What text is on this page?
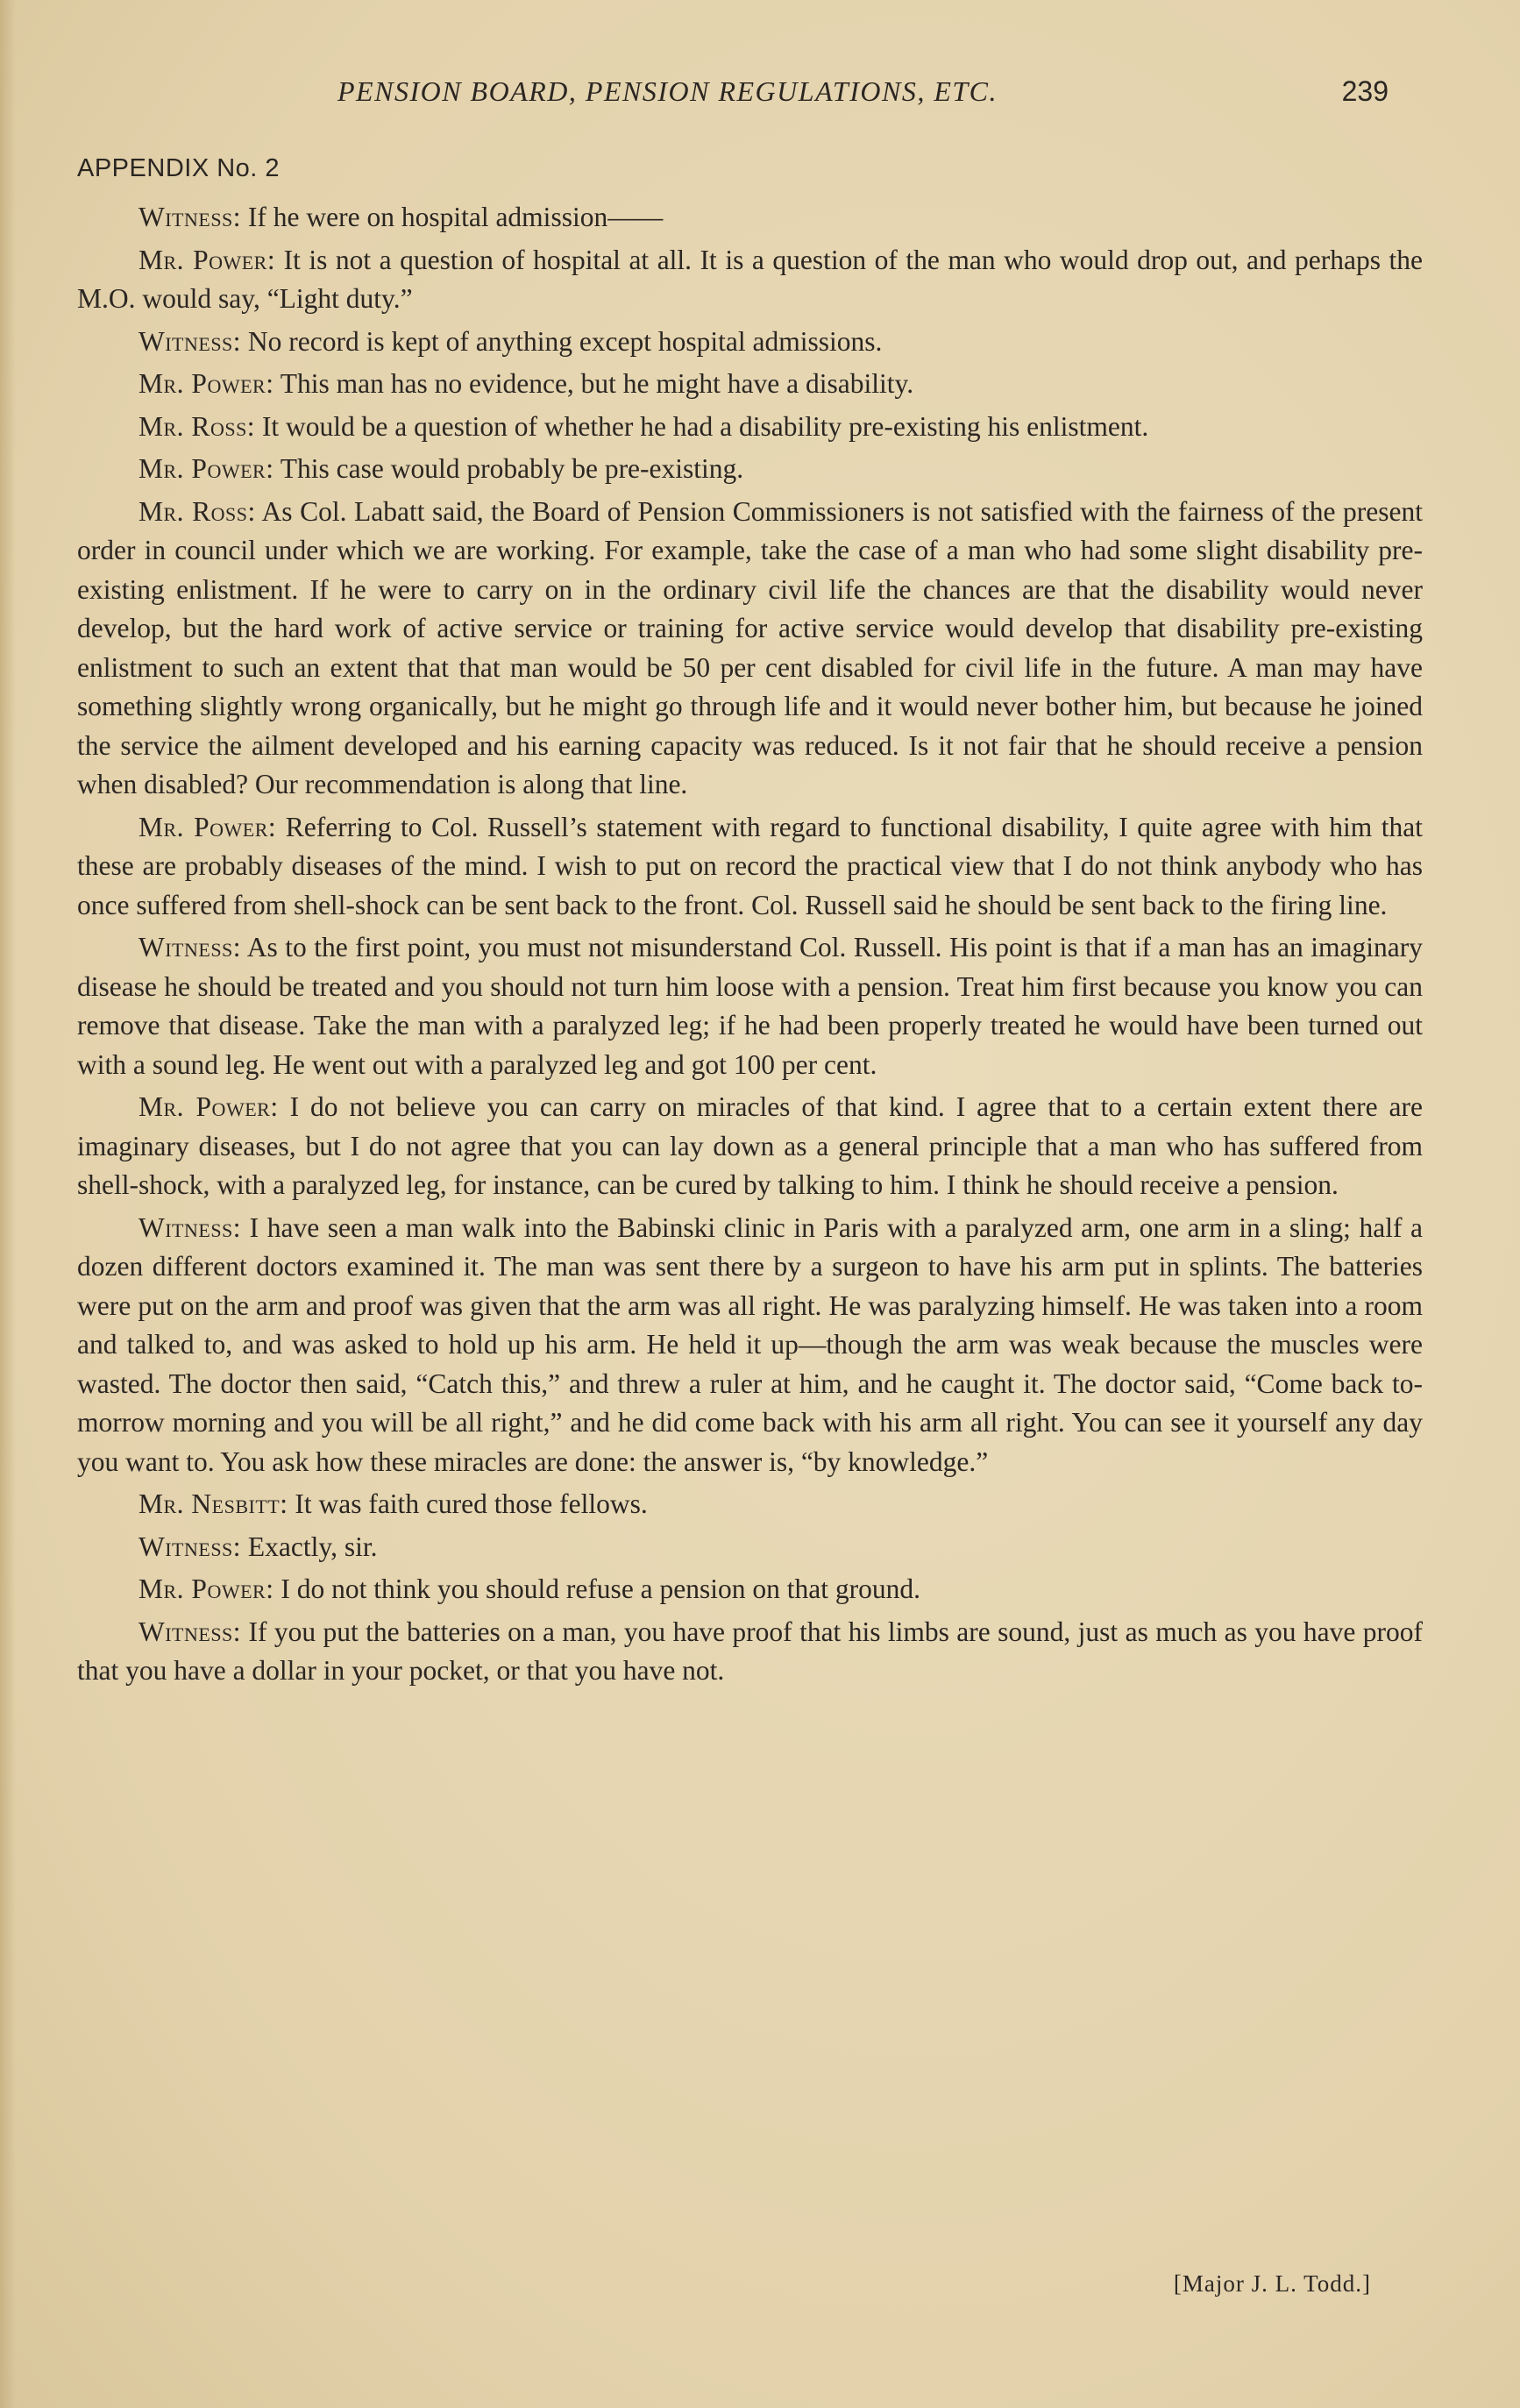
PENSION BOARD, PENSION REGULATIONS, ETC.	239
APPENDIX No. 2

Witness: If he were on hospital admission——

Mr. Power: It is not a question of hospital at all. It is a question of the man who would drop out, and perhaps the M.O. would say, “Light duty.”

Witness: No record is kept of anything except hospital admissions.

Mr. Power: This man has no evidence, but he might have a disability.

Mr. Ross: It would be a question of whether he had a disability pre-existing his enlistment.

Mr. Power: This case would probably be pre-existing.

Mr. Ross: As Col. Labatt said, the Board of Pension Commissioners is not satisfied with the fairness of the present order in council under which we are working. For example, take the case of a man who had some slight disability pre-existing enlistment. If he were to carry on in the ordinary civil life the chances are that the disability would never develop, but the hard work of active service or training for active service would develop that disability pre-existing enlistment to such an extent that that man would be 50 per cent disabled for civil life in the future. A man may have something slightly wrong organically, but he might go through life and it would never bother him, but because he joined the service the ailment developed and his earning capacity was reduced. Is it not fair that he should receive a pension when disabled? Our recommendation is along that line.

Mr. Power: Referring to Col. Russell’s statement with regard to functional disability, I quite agree with him that these are probably diseases of the mind. I wish to put on record the practical view that I do not think anybody who has once suffered from shell-shock can be sent back to the front. Col. Russell said he should be sent back to the firing line.

Witness: As to the first point, you must not misunderstand Col. Russell. His point is that if a man has an imaginary disease he should be treated and you should not turn him loose with a pension. Treat him first because you know you can remove that disease. Take the man with a paralyzed leg; if he had been properly treated he would have been turned out with a sound leg. He went out with a paralyzed leg and got 100 per cent.

Mr. Power: I do not believe you can carry on miracles of that kind. I agree that to a certain extent there are imaginary diseases, but I do not agree that you can lay down as a general principle that a man who has suffered from shell-shock, with a paralyzed leg, for instance, can be cured by talking to him. I think he should receive a pension.

Witness: I have seen a man walk into the Babinski clinic in Paris with a paralyzed arm, one arm in a sling; half a dozen different doctors examined it. The man was sent there by a surgeon to have his arm put in splints. The batteries were put on the arm and proof was given that the arm was all right. He was paralyzing himself. He was taken into a room and talked to, and was asked to hold up his arm. He held it up—though the arm was weak because the muscles were wasted. The doctor then said, “Catch this,” and threw a ruler at him, and he caught it. The doctor said, “Come back to-morrow morning and you will be all right,” and he did come back with his arm all right. You can see it yourself any day you want to. You ask how these miracles are done: the answer is, “by knowledge.”

Mr. Nesbitt: It was faith cured those fellows.

Witness: Exactly, sir.

Mr. Power: I do not think you should refuse a pension on that ground.

Witness: If you put the batteries on a man, you have proof that his limbs are sound, just as much as you have proof that you have a dollar in your pocket, or that you have not.

[Major J. L. Todd.]
